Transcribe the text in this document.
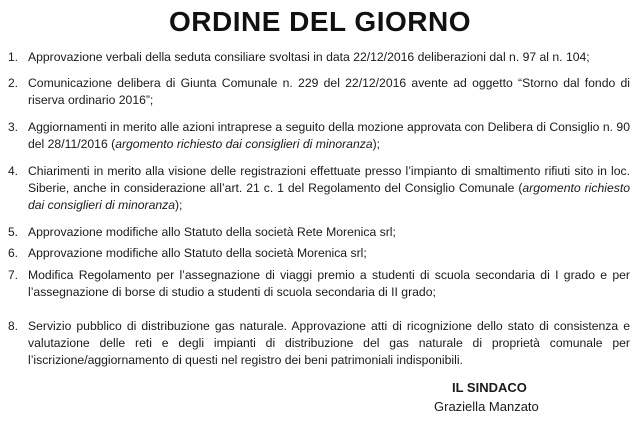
ORDINE DEL GIORNO
1. Approvazione verbali della seduta consiliare svoltasi in data 22/12/2016 deliberazioni dal n. 97 al n. 104;
2. Comunicazione delibera di Giunta Comunale n. 229 del 22/12/2016 avente ad oggetto “Storno dal fondo di riserva ordinario 2016”;
3. Aggiornamenti in merito alle azioni intraprese a seguito della mozione approvata con Delibera di Consiglio n. 90 del 28/11/2016 (argomento richiesto dai consiglieri di minoranza);
4. Chiarimenti in merito alla visione delle registrazioni effettuate presso l’impianto di smaltimento rifiuti sito in loc. Siberie, anche in considerazione all’art. 21 c. 1 del Regolamento del Consiglio Comunale (argomento richiesto dai consiglieri di minoranza);
5. Approvazione modifiche allo Statuto della società Rete Morenica srl;
6. Approvazione modifiche allo Statuto della società Morenica srl;
7. Modifica Regolamento per l’assegnazione di viaggi premio a studenti di scuola secondaria di I grado e per l’assegnazione di borse di studio a studenti di scuola secondaria di II grado;
8. Servizio pubblico di distribuzione gas naturale. Approvazione atti di ricognizione dello stato di consistenza e valutazione delle reti e degli impianti di distribuzione del gas naturale di proprietà comunale per l’iscrizione/aggiornamento di questi nel registro dei beni patrimoniali indisponibili.
IL SINDACO
Graziella Manzato
